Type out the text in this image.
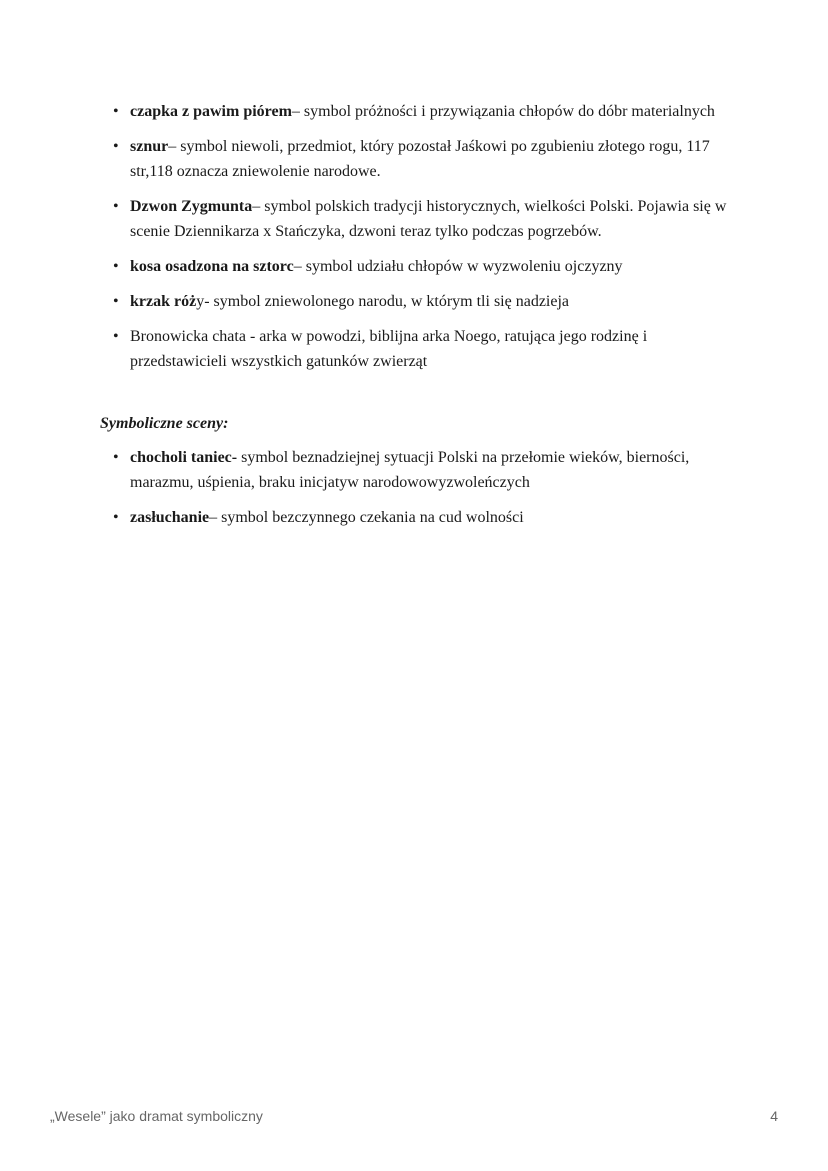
• czapka z pawim piórem– symbol próżności i przywiązania chłopów do dóbr materialnych
• sznur– symbol niewoli, przedmiot, który pozostał Jaśkowi po zgubieniu złotego rogu, 117 str,118 oznacza zniewolenie narodowe.
• Dzwon Zygmunta– symbol polskich tradycji historycznych, wielkości Polski. Pojawia się w scenie Dziennikarza x Stańczyka, dzwoni teraz tylko podczas pogrzebów.
• kosa osadzona na sztorc– symbol udziału chłopów w wyzwoleniu ojczyzny
• krzak róży- symbol zniewolonego narodu, w którym tli się nadzieja
• Bronowicka chata - arka w powodzi, biblijna arka Noego, ratująca jego rodzinę i przedstawicieli wszystkich gatunków zwierząt
Symboliczne sceny:
• chocholi taniec- symbol beznadziejnej sytuacji Polski na przełomie wieków, bierności, marazmu, uśpienia, braku inicjatyw narodowowyzwoleńczych
• zasłuchanie– symbol bezczynnego czekania na cud wolności
„Wesele” jako dramat symboliczny	4
